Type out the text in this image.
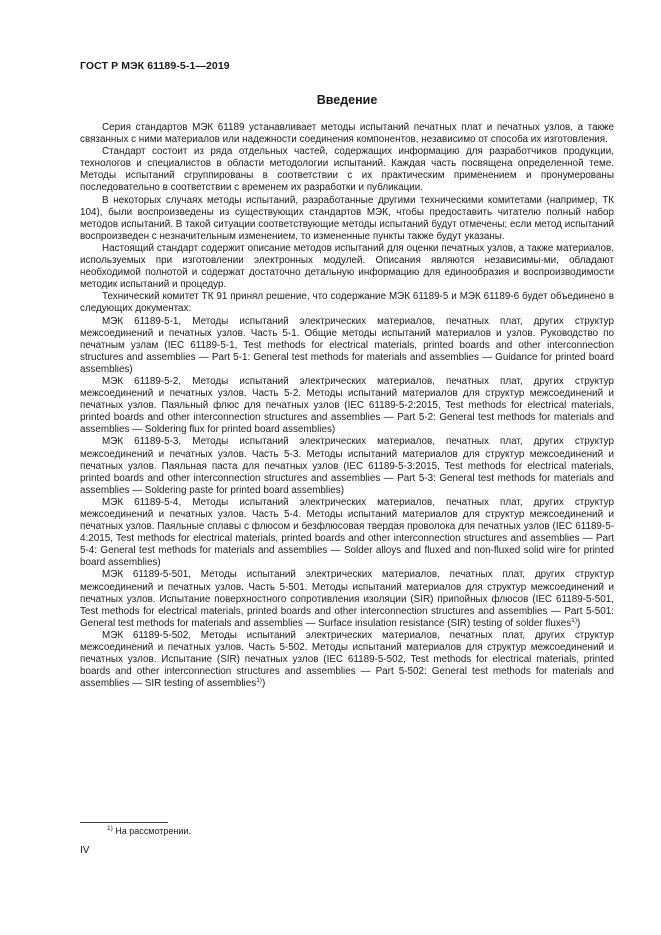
ГОСТ Р МЭК 61189-5-1—2019
Введение

Серия стандартов МЭК 61189 устанавливает методы испытаний печатных плат и печатных узлов, а также связанных с ними материалов или надежности соединения компонентов, независимо от способа их изготовления.

Стандарт состоит из ряда отдельных частей, содержащих информацию для разработчиков продукции, технологов и специалистов в области методологии испытаний. Каждая часть посвящена определенной теме. Методы испытаний сгруппированы в соответствии с их практическим применением и пронумерованы последовательно в соответствии с временем их разработки и публикации.

В некоторых случаях методы испытаний, разработанные другими техническими комитетами (например, ТК 104), были воспроизведены из существующих стандартов МЭК, чтобы предоставить читателю полный набор методов испытаний. В такой ситуации соответствующие методы испытаний будут отмечены; если метод испытаний воспроизведен с незначительным изменением, то измененные пункты также будут указаны.

Настоящий стандарт содержит описание методов испытаний для оценки печатных узлов, а также материалов, используемых при изготовлении электронных модулей. Описания являются независимы-ми, обладают необходимой полнотой и содержат достаточно детальную информацию для единообразия и воспроизводимости методик испытаний и процедур.

Технический комитет ТК 91 принял решение, что содержание МЭК 61189-5 и МЭК 61189-6 будет объединено в следующих документах:

МЭК 61189-5-1, Методы испытаний электрических материалов, печатных плат, других структур межсоединений и печатных узлов. Часть 5-1. Общие методы испытаний материалов и узлов. Руководство по печатным узлам (IEC 61189-5-1, Test methods for electrical materials, printed boards and other interconnection structures and assemblies — Part 5-1: General test methods for materials and assemblies — Guidance for printed board assemblies)

МЭК 61189-5-2, Методы испытаний электрических материалов, печатных плат, других структур межсоединений и печатных узлов. Часть 5-2. Методы испытаний материалов для структур межсоединений и печатных узлов. Паяльный флюс для печатных узлов (IEC 61189-5-2:2015, Test methods for electrical materials, printed boards and other interconnection structures and assemblies — Part 5-2: General test methods for materials and assemblies — Soldering flux for printed board assemblies)

МЭК 61189-5-3, Методы испытаний электрических материалов, печатных плат, других структур межсоединений и печатных узлов. Часть 5-3. Методы испытаний материалов для структур межсоединений и печатных узлов. Паяльная паста для печатных узлов (IEC 61189-5-3:2015, Test methods for electrical materials, printed boards and other interconnection structures and assemblies — Part 5-3: General test methods for materials and assemblies — Soldering paste for printed board assemblies)

МЭК 61189-5-4, Методы испытаний электрических материалов, печатных плат, других структур межсоединений и печатных узлов. Часть 5-4. Методы испытаний материалов для структур межсоединений и печатных узлов. Паяльные сплавы с флюсом и безфлюсовая твердая проволока для печатных узлов (IEC 61189-5-4:2015, Test methods for electrical materials, printed boards and other interconnection structures and assemblies — Part 5-4: General test methods for materials and assemblies — Solder alloys and fluxed and non-fluxed solid wire for printed board assemblies)

МЭК 61189-5-501, Методы испытаний электрических материалов, печатных плат, других структур межсоединений и печатных узлов. Часть 5-501. Методы испытаний материалов для структур межсоединений и печатных узлов. Испытание поверхностного сопротивления изоляции (SIR) припойных флюсов (IEC 61189-5-501, Test methods for electrical materials, printed boards and other interconnection structures and assemblies — Part 5-501: General test methods for materials and assemblies — Surface insulation resistance (SIR) testing of solder fluxes$^{1)}$)

МЭК 61189-5-502, Методы испытаний электрических материалов, печатных плат, других структур межсоединений и печатных узлов. Часть 5-502. Методы испытаний материалов для структур межсоединений и печатных узлов. Испытание (SIR) печатных узлов (IEC 61189-5-502, Test methods for electrical materials, printed boards and other interconnection structures and assemblies — Part 5-502: General test methods for materials and assemblies — SIR testing of assemblies$^{1)}$)

$^{1)}$ На рассмотрении.
IV
